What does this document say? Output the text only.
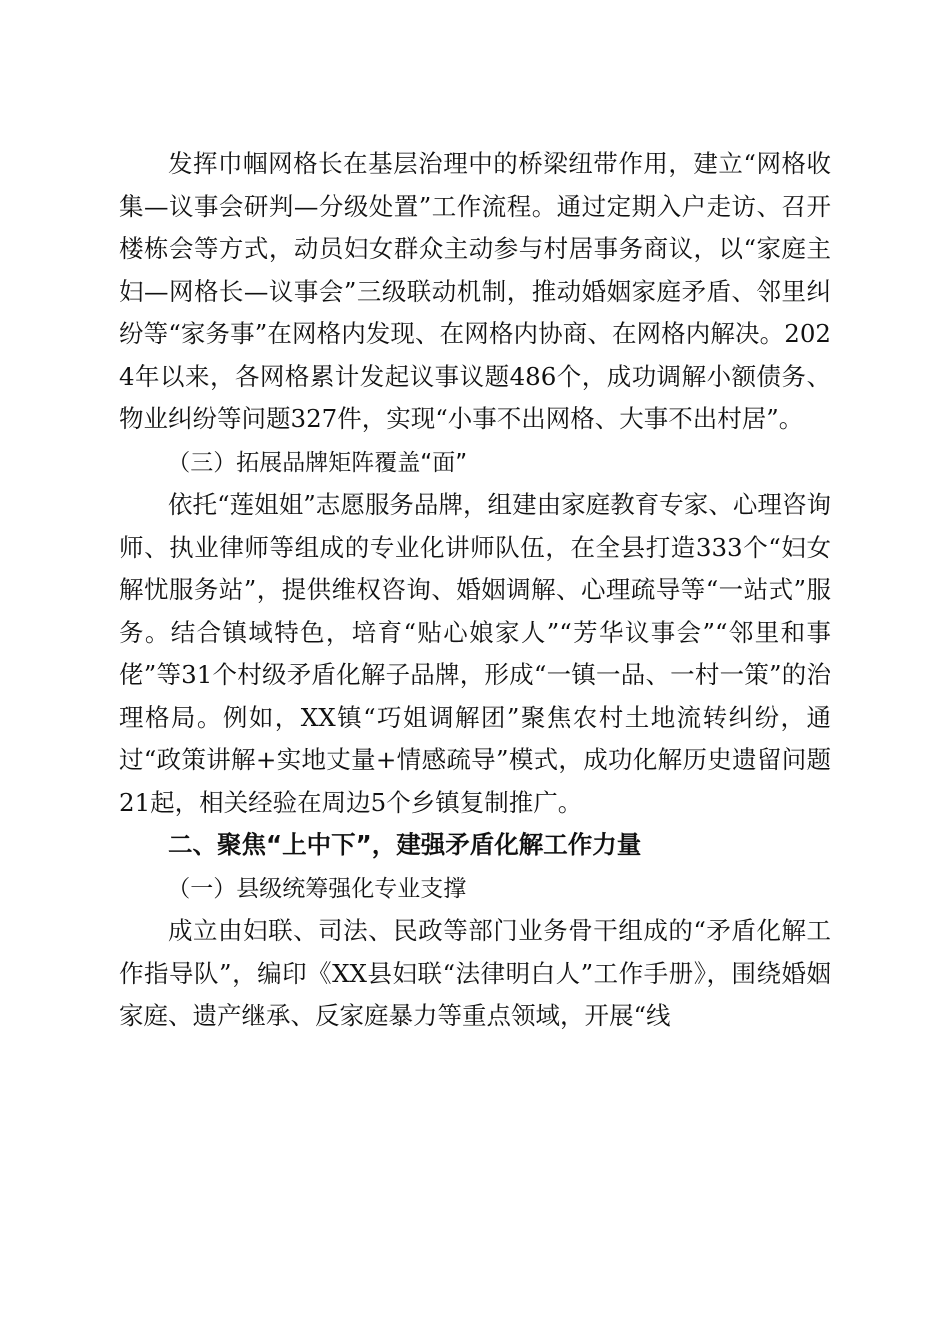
发挥巾帼网格长在基层治理中的桥梁纽带作用，建立“网格收集—议事会研判—分级处置”工作流程。通过定期入户走访、召开楼栋会等方式，动员妇女群众主动参与村居事务商议，以“家庭主妇—网格长—议事会”三级联动机制，推动婚姻家庭矛盾、邻里纠纷等“家务事”在网格内发现、在网格内协商、在网格内解决。2024年以来，各网格累计发起议事议题486个，成功调解小额债务、物业纠纷等问题327件，实现“小事不出网格、大事不出村居”。

（三）拓展品牌矩阵覆盖“面”

依托“莲姐姐”志愿服务品牌，组建由家庭教育专家、心理咨询师、执业律师等组成的专业化讲师队伍，在全县打造333个“妇女解忧服务站”，提供维权咨询、婚姻调解、心理疏导等“一站式”服务。结合镇域特色，培育“贴心娘家人”“芳华议事会”“邻里和事佬”等31个村级矛盾化解子品牌，形成“一镇一品、一村一策”的治理格局。例如，XX镇“巧姐调解团”聚焦农村土地流转纠纷，通过“政策讲解+实地丈量+情感疏导”模式，成功化解历史遗留问题21起，相关经验在周边5个乡镇复制推广。

二、聚焦“上中下”，建强矛盾化解工作力量

（一）县级统筹强化专业支撑

成立由妇联、司法、民政等部门业务骨干组成的“矛盾化解工作指导队”，编印《XX县妇联“法律明白人”工作手册》，围绕婚姻家庭、遗产继承、反家庭暴力等重点领域，开展“线
